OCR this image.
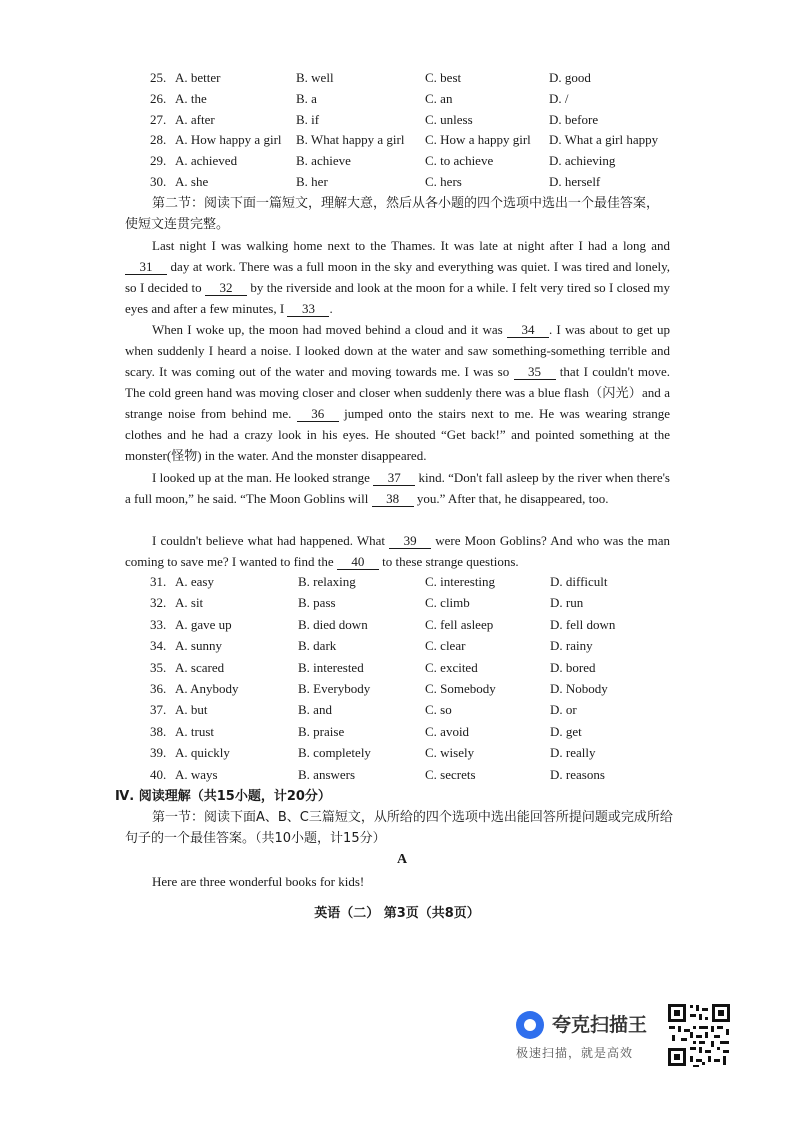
25. A. better	B. well	C. best	D. good
26. A. the	B. a	C. an	D. /
27. A. after	B. if	C. unless	D. before
28. A. How happy a girl B. What happy a girl C. How a happy girl D. What a girl happy
29. A. achieved	B. achieve	C. to achieve	D. achieving
30. A. she	B. her	C. hers	D. herself
第二节：阅读下面一篇短文，理解大意，然后从各小题的四个选项中选出一个最佳答案，使短文连贯完整。

Last night I was walking home next to the Thames. It was late at night after I had a long and 31 day at work. There was a full moon in the sky and everything was quiet. I was tired and lonely, so I decided to 32 by the riverside and look at the moon for a while. I felt very tired so I closed my eyes and after a few minutes, I 33 .

When I woke up, the moon had moved behind a cloud and it was 34 . I was about to get up when suddenly I heard a noise. I looked down at the water and saw something-something terrible and scary. It was coming out of the water and moving towards me. I was so 35 that I couldn't move. The cold green hand was moving closer and closer when suddenly there was a blue flash（闪光）and a strange noise from behind me. 36 jumped onto the stairs next to me. He was wearing strange clothes and he had a crazy look in his eyes. He shouted “Get back!” and pointed something at the monster(怪物) in the water. And the monster disappeared.

I looked up at the man. He looked strange 37 kind. “Don't fall asleep by the river when there's a full moon,” he said. “The Moon Goblins will 38 you.” After that, he disappeared, too.

I couldn't believe what had happened. What 39 were Moon Goblins? And who was the man coming to save me? I wanted to find the 40 to these strange questions.

31. A. easy	B. relaxing	C. interesting	D. difficult
32. A. sit	B. pass	C. climb	D. run
33. A. gave up	B. died down	C. fell asleep	D. fell down
34. A. sunny	B. dark	C. clear	D. rainy
35. A. scared	B. interested	C. excited	D. bored
36. A. Anybody	B. Everybody	C. Somebody	D. Nobody
37. A. but	B. and	C. so	D. or
38. A. trust	B. praise	C. avoid	D. get
39. A. quickly	B. completely	C. wisely	D. really
40. A. ways	B. answers	C. secrets	D. reasons
Ⅳ. 阅读理解（共15小题，计20分）
第一节：阅读下面A、B、C三篇短文，从所给的四个选项中选出能回答所提问题或完成所给句子的一个最佳答案。（共10小题，计15分）
A
Here are three wonderful books for kids!
英语（二） 第3页（共8页）
夸克扫描王
极速扫描，就是高效
